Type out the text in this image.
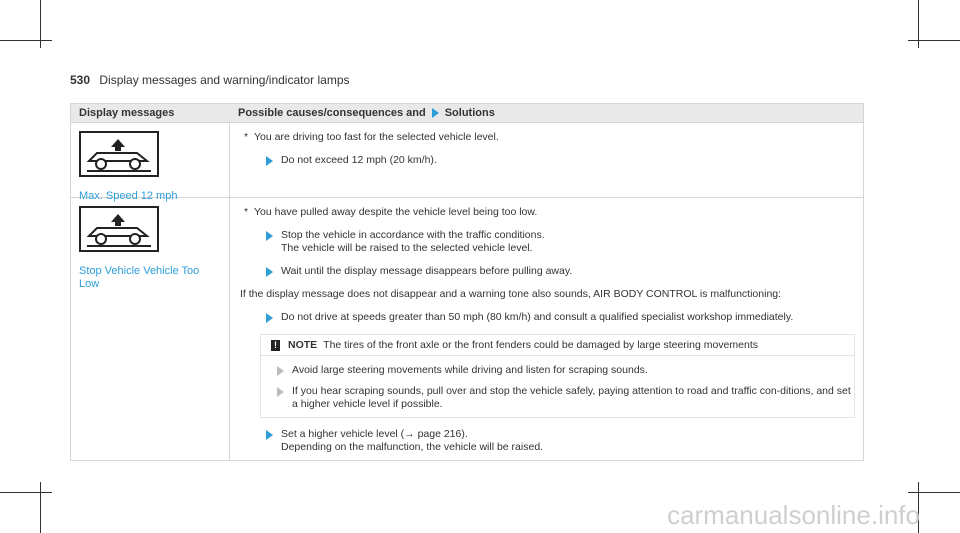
530 Display messages and warning/indicator lamps
Display messages	Possible causes/consequences and Solutions
Max. Speed 12 mph
* You are driving too fast for the selected vehicle level.
Do not exceed 12 mph (20 km/h).
Stop Vehicle Vehicle Too Low
* You have pulled away despite the vehicle level being too low.
Stop the vehicle in accordance with the traffic conditions.
The vehicle will be raised to the selected vehicle level.
Wait until the display message disappears before pulling away.

If the display message does not disappear and a warning tone also sounds, AIR BODY CONTROL is malfunctioning:

Do not drive at speeds greater than 50 mph (80 km/h) and consult a qualified specialist workshop immediately.
! NOTE The tires of the front axle or the front fenders could be damaged by large steering movements
Avoid large steering movements while driving and listen for scraping sounds.
If you hear scraping sounds, pull over and stop the vehicle safely, paying attention to road and traffic con-ditions, and set a higher vehicle level if possible.
Set a higher vehicle level (→ page 216).
Depending on the malfunction, the vehicle will be raised.
carmanualsonline.info
